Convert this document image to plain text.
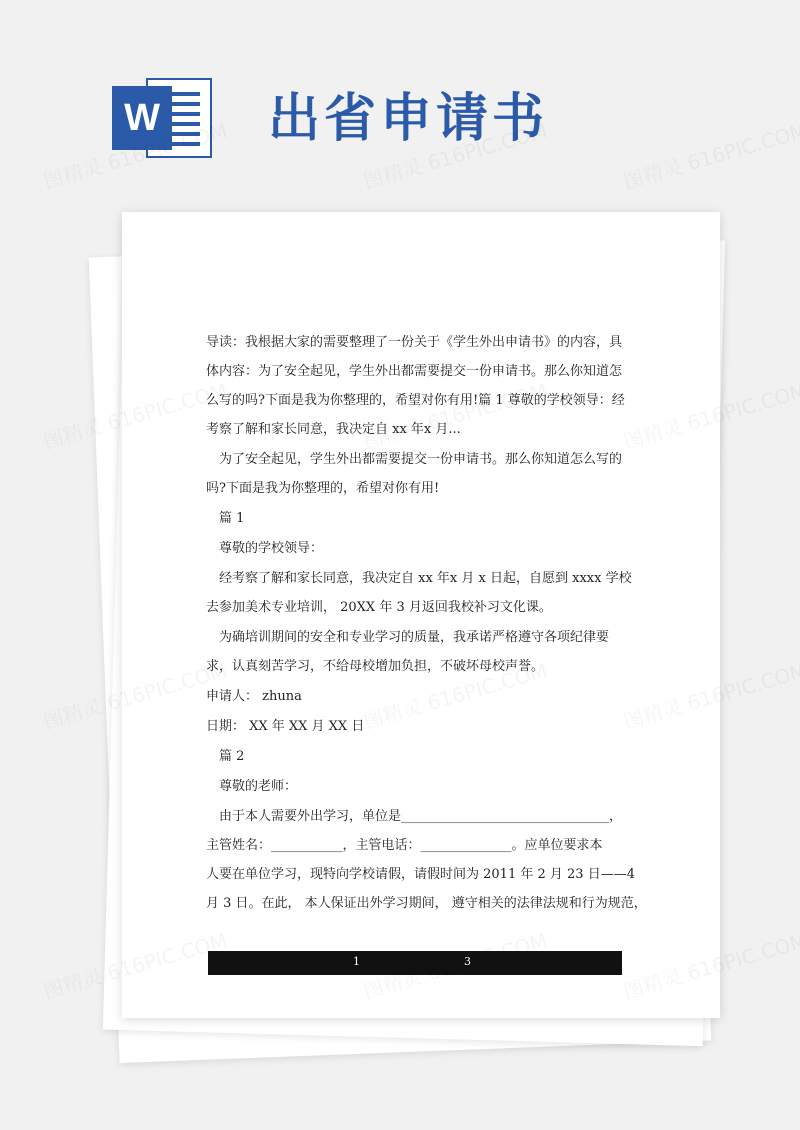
W 出省申请书
导读：我根据大家的需要整理了一份关于《学生外出申请书》的内容，具
体内容：为了安全起见，学生外出都需要提交一份申请书。那么你知道怎
么写的吗?下面是我为你整理的，希望对你有用!篇 1 尊敬的学校领导：经
考察了解和家长同意，我决定自 xx 年x 月...
为了安全起见，学生外出都需要提交一份申请书。那么你知道怎么写的
吗?下面是我为你整理的，希望对你有用!
篇 1
尊敬的学校领导：
经考察了解和家长同意，我决定自 xx 年x 月 x 日起，自愿到 xxxx 学校
去参加美术专业培训， 20XX 年 3 月返回我校补习文化课。
为确培训期间的安全和专业学习的质量，我承诺严格遵守各项纪律要
求，认真刻苦学习，不给母校增加负担，不破坏母校声誉。
申请人： zhuna
日期： XX 年 XX 月 XX 日
篇 2
尊敬的老师：
由于本人需要外出学习，单位是________________________________，
主管姓名：___________，主管电话：______________。应单位要求本
人要在单位学习，现特向学校请假，请假时间为 2011 年 2 月 23 日——4
月 3 日。在此， 本人保证出外学习期间， 遵守相关的法律法规和行为规范，
1	3
